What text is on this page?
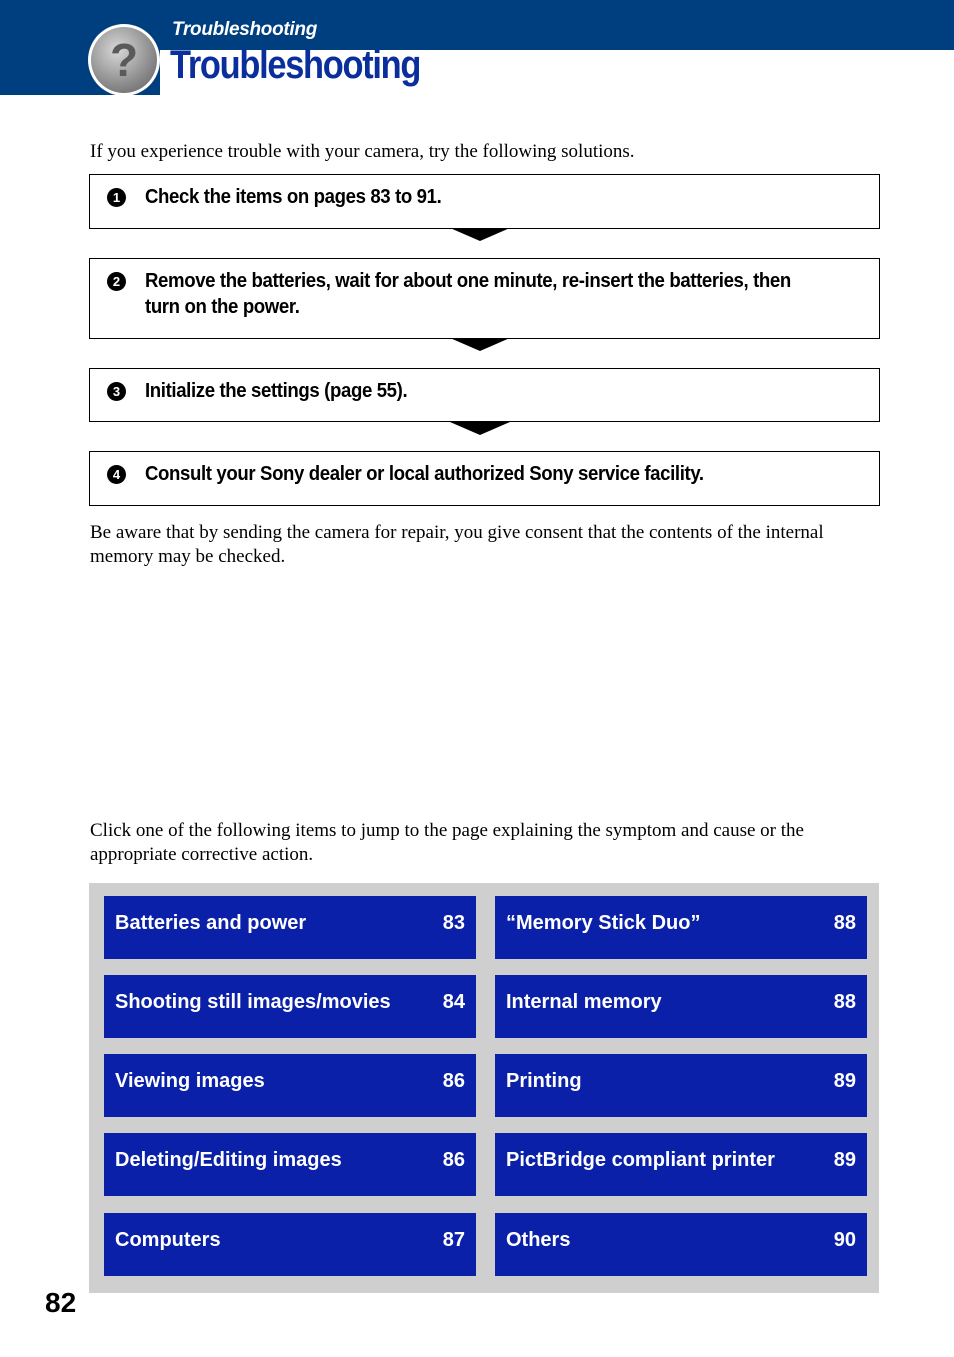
?
Troubleshooting
Troubleshooting
If you experience trouble with your camera, try the following solutions.
1 Check the items on pages 83 to 91.
2 Remove the batteries, wait for about one minute, re-insert the batteries, then turn on the power.
3 Initialize the settings (page 55).
4 Consult your Sony dealer or local authorized Sony service facility.
Be aware that by sending the camera for repair, you give consent that the contents of the internal memory may be checked.
Click one of the following items to jump to the page explaining the symptom and cause or the appropriate corrective action.
Batteries and power	83 “Memory Stick Duo”	88
Shooting still images/movies	84 Internal memory	88
Viewing images	86 Printing	89
Deleting/Editing images	86 PictBridge compliant printer	89
Computers	87 Others	90
82
